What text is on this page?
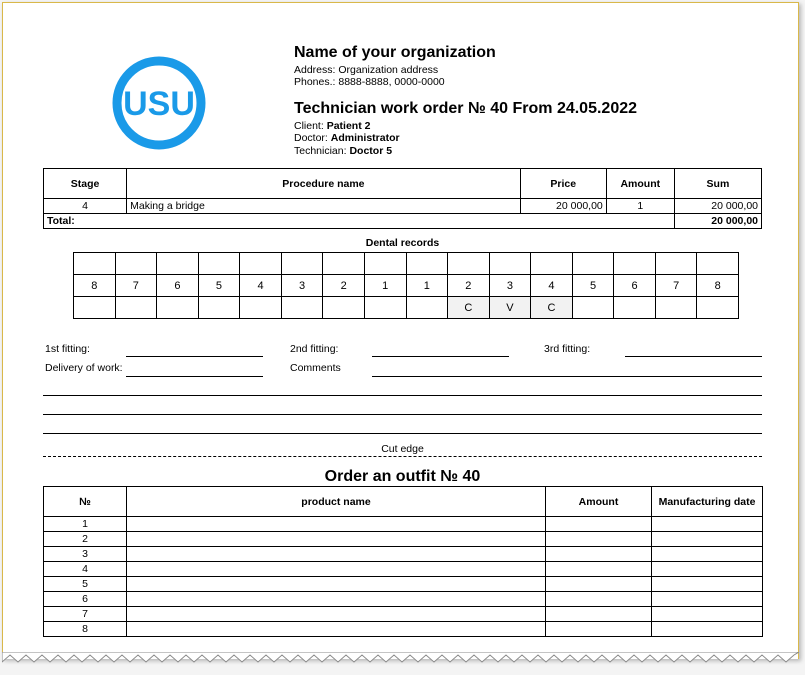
USU
Name of your organization
Address: Organization address
Phones.: 8888-8888, 0000-0000
Technician work order № 40 From 24.05.2022
Client: Patient 2
Doctor: Administrator
Technician: Doctor 5
Stage	Procedure name	Price	Amount	Sum
4	Making a bridge	20 000,00	1	20 000,00
Total:				20 000,00
Dental records

8	7	6	5	4	3	2	1	1	2	3	4	5	6	7	8
									C	V	C				
1st fitting:	2nd fitting:	3rd fitting:
Delivery of work:	Comments
Cut edge
Order an outfit № 40
№	product name	Amount	Manufacturing date
1			
2			
3			
4			
5			
6			
7			
8			
